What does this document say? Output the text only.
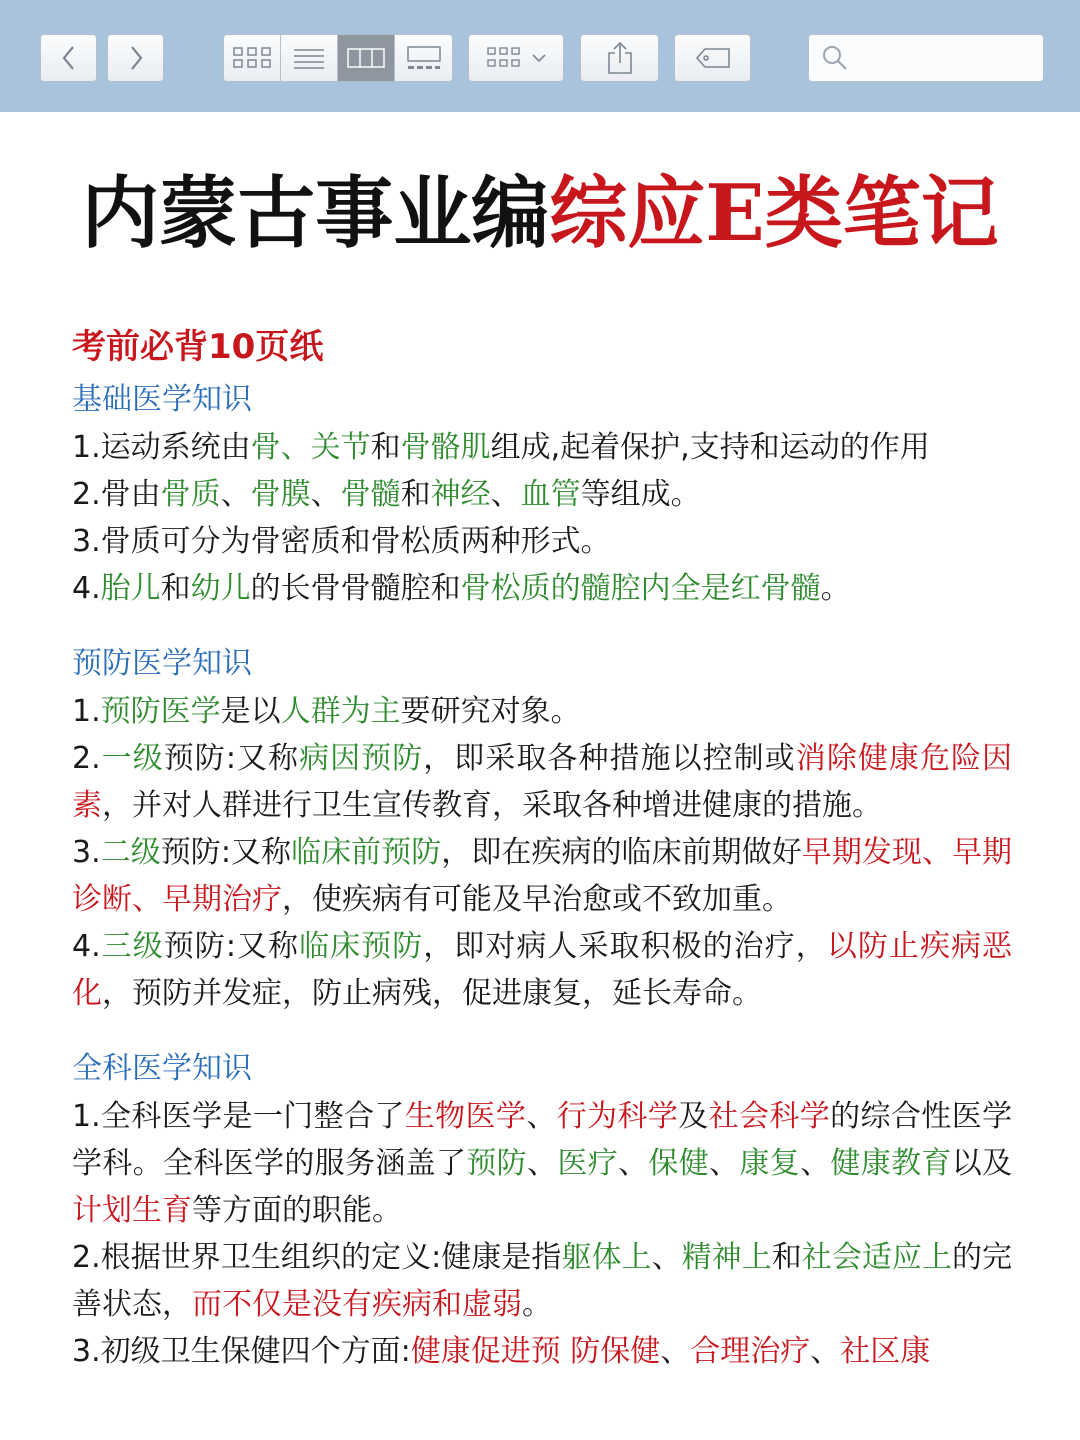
内蒙古事业编综应E类笔记
考前必背10页纸
基础医学知识

1.运动系统由骨、关节和骨骼肌组成,起着保护,支持和运动的作用

2.骨由骨质、骨膜、骨髓和神经、血管等组成。

3.骨质可分为骨密质和骨松质两种形式。

4.胎儿和幼儿的长骨骨髓腔和骨松质的髓腔内全是红骨髓。

预防医学知识

1.预防医学是以人群为主要研究对象。

2.一级预防:又称病因预防，即采取各种措施以控制或消除健康危险因素，并对人群进行卫生宣传教育，采取各种增进健康的措施。

3.二级预防:又称临床前预防，即在疾病的临床前期做好早期发现、早期诊断、早期治疗，使疾病有可能及早治愈或不致加重。

4.三级预防:又称临床预防，即对病人采取积极的治疗，以防止疾病恶化，预防并发症，防止病残，促进康复，延长寿命。

全科医学知识

1.全科医学是一门整合了生物医学、行为科学及社会科学的综合性医学学科。全科医学的服务涵盖了预防、医疗、保健、康复、健康教育以及计划生育等方面的职能。

2.根据世界卫生组织的定义:健康是指躯体上、精神上和社会适应上的完善状态，而不仅是没有疾病和虚弱。

3.初级卫生保健四个方面:健康促进预 防保健、合理治疗、社区康
